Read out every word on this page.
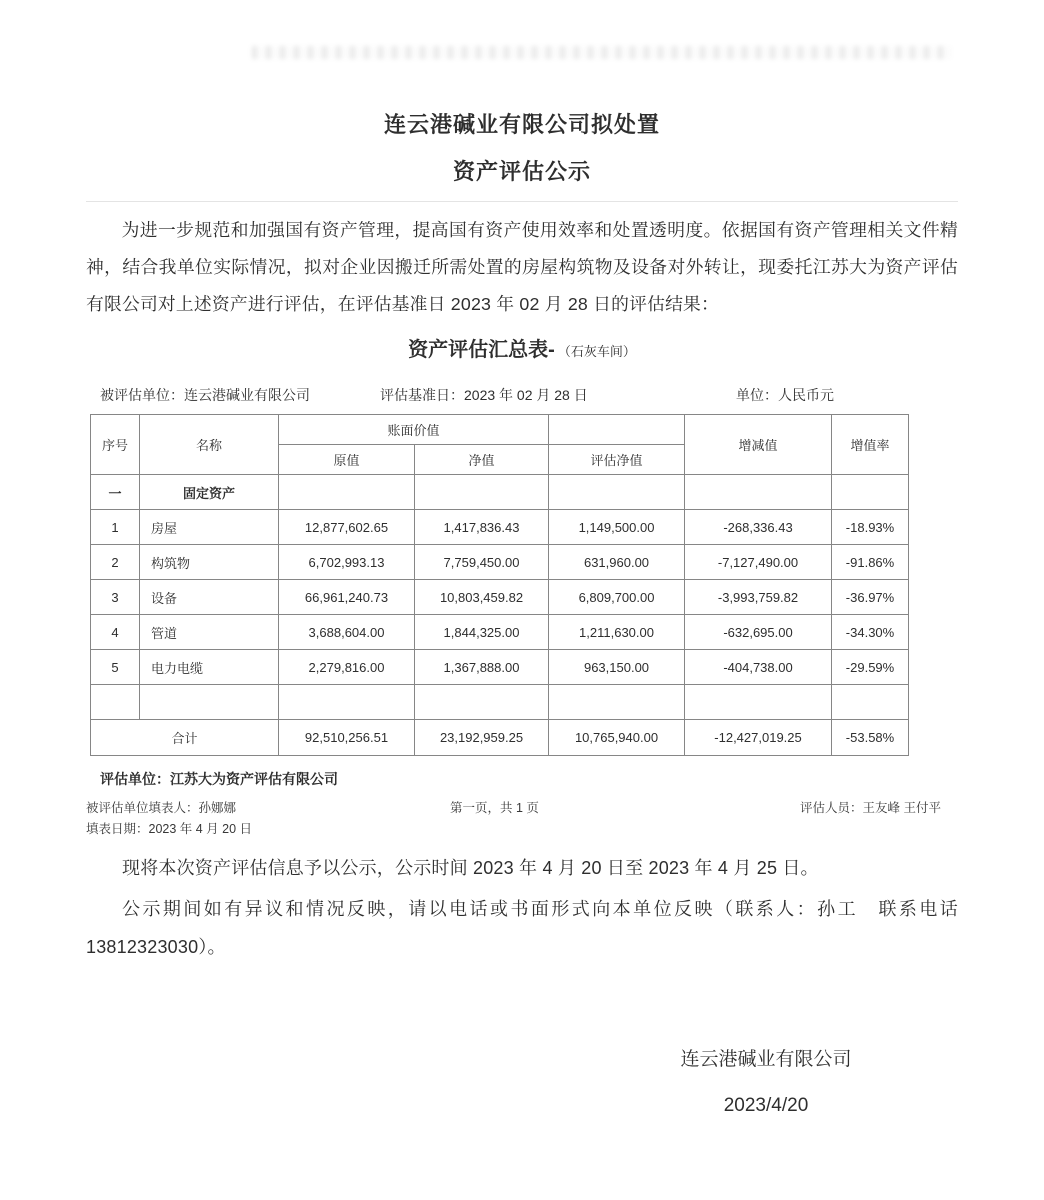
连云港碱业有限公司拟处置
资产评估公示

为进一步规范和加强国有资产管理，提高国有资产使用效率和处置透明度。依据国有资产管理相关文件精神，结合我单位实际情况，拟对企业因搬迁所需处置的房屋构筑物及设备对外转让，现委托江苏大为资产评估有限公司对上述资产进行评估，在评估基准日 2023 年 02 月 28 日的评估结果：

资产评估汇总表- （石灰车间）
被评估单位：连云港碱业有限公司	评估基准日：2023 年 02 月 28 日	单位：人民币元
序号	名称	账面价值			增减值	增值率
		原值	净值	评估净值		
一	固定资产					
1	房屋	12,877,602.65	1,417,836.43	1,149,500.00	-268,336.43	-18.93%
2	构筑物	6,702,993.13	7,759,450.00	631,960.00	-7,127,490.00	-91.86%
3	设备	66,961,240.73	10,803,459.82	6,809,700.00	-3,993,759.82	-36.97%
4	管道	3,688,604.00	1,844,325.00	1,211,630.00	-632,695.00	-34.30%
5	电力电缆	2,279,816.00	1,367,888.00	963,150.00	-404,738.00	-29.59%

合计		92,510,256.51	23,192,959.25	10,765,940.00	-12,427,019.25	-53.58%
评估单位：江苏大为资产评估有限公司
被评估单位填表人：孙娜娜	第一页，共 1 页	评估人员：王友峰 王付平
填表日期：2023 年 4 月 20 日

现将本次资产评估信息予以公示，公示时间 2023 年 4 月 20 日至 2023 年 4 月 25 日。

公示期间如有异议和情况反映，请以电话或书面形式向本单位反映（联系人：孙工　联系电话 13812323030）。

连云港碱业有限公司
2023/4/20
